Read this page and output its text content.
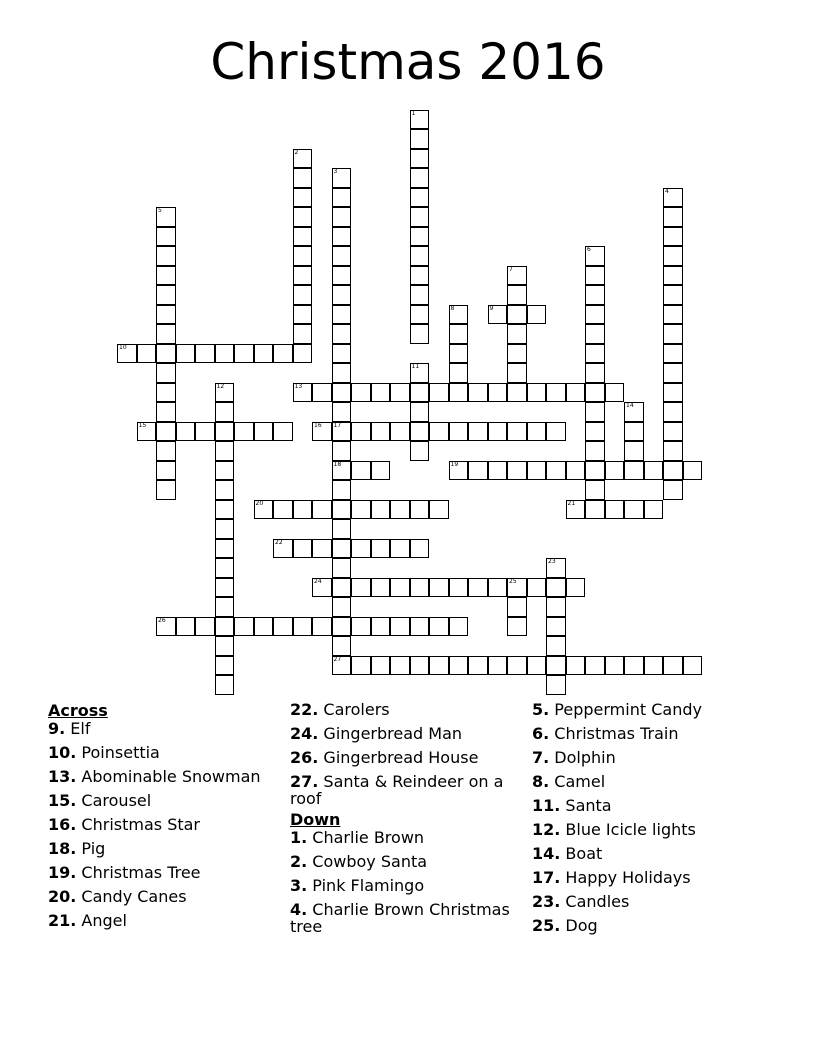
Christmas 2016
1
2
3
17
4
5
6
7
8	9
10
11
12	13
14
15	16
18
27
19
20	21
22
23
24	25
26
Across
9. Elf
10. Poinsettia
13. Abominable Snowman
15. Carousel
16. Christmas Star
18. Pig
19. Christmas Tree
20. Candy Canes
21. Angel
22. Carolers
24. Gingerbread Man
26. Gingerbread House
27. Santa & Reindeer on a roof
Down
1. Charlie Brown
2. Cowboy Santa
3. Pink Flamingo
4. Charlie Brown Christmas tree
5. Peppermint Candy
6. Christmas Train
7. Dolphin
8. Camel
11. Santa
12. Blue Icicle lights
14. Boat
17. Happy Holidays
23. Candles
25. Dog
